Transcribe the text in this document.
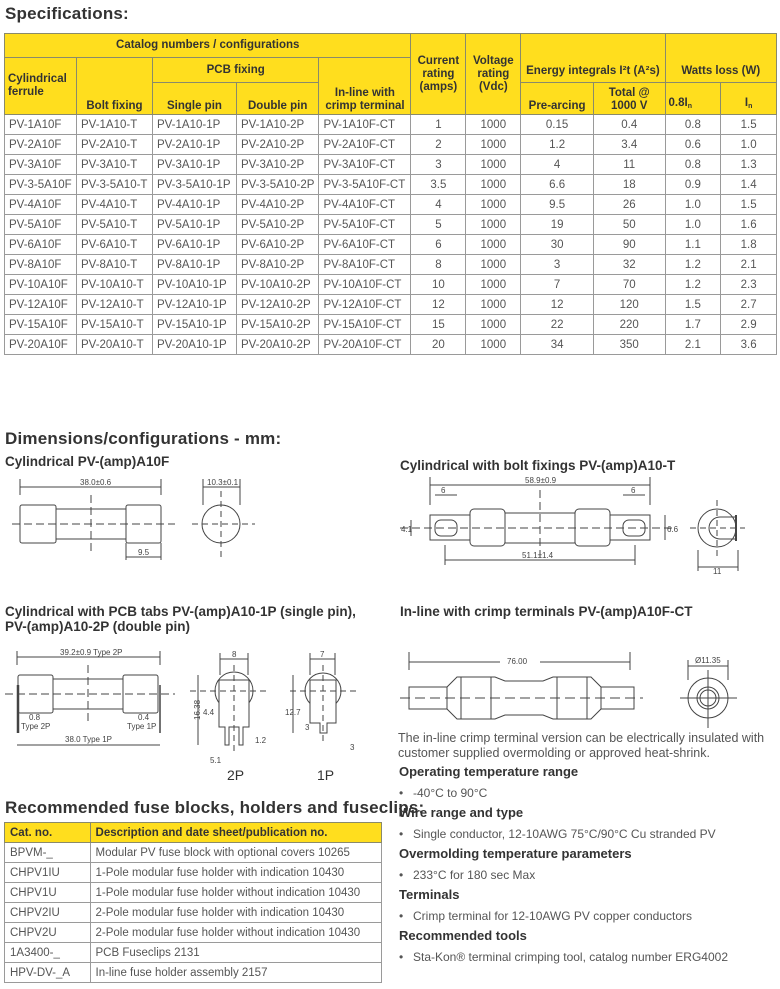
Specifications:
Catalog numbers / configurations					Current rating (amps)	Voltage rating (Vdc)	Energy integrals I²t (A²s)		Watts loss (W)	
Cylindrical ferrule	Bolt fixing	PCB fixing		In-line with crimp terminal						
		Single pin	Double pin				Pre-arcing	Total @ 1000 V	$0.8I_n$	$I_n$
PV-1A10F	PV-1A10-T	PV-1A10-1P	PV-1A10-2P	PV-1A10F-CT	1	1000	0.15	0.4	0.8	1.5
PV-2A10F	PV-2A10-T	PV-2A10-1P	PV-2A10-2P	PV-2A10F-CT	2	1000	1.2	3.4	0.6	1.0
PV-3A10F	PV-3A10-T	PV-3A10-1P	PV-3A10-2P	PV-3A10F-CT	3	1000	4	11	0.8	1.3
PV-3-5A10F	PV-3-5A10-T	PV-3-5A10-1P	PV-3-5A10-2P	PV-3-5A10F-CT	3.5	1000	6.6	18	0.9	1.4
PV-4A10F	PV-4A10-T	PV-4A10-1P	PV-4A10-2P	PV-4A10F-CT	4	1000	9.5	26	1.0	1.5
PV-5A10F	PV-5A10-T	PV-5A10-1P	PV-5A10-2P	PV-5A10F-CT	5	1000	19	50	1.0	1.6
PV-6A10F	PV-6A10-T	PV-6A10-1P	PV-6A10-2P	PV-6A10F-CT	6	1000	30	90	1.1	1.8
PV-8A10F	PV-8A10-T	PV-8A10-1P	PV-8A10-2P	PV-8A10F-CT	8	1000	3	32	1.2	2.1
PV-10A10F	PV-10A10-T	PV-10A10-1P	PV-10A10-2P	PV-10A10F-CT	10	1000	7	70	1.2	2.3
PV-12A10F	PV-12A10-T	PV-12A10-1P	PV-12A10-2P	PV-12A10F-CT	12	1000	12	120	1.5	2.7
PV-15A10F	PV-15A10-T	PV-15A10-1P	PV-15A10-2P	PV-15A10F-CT	15	1000	22	220	1.7	2.9
PV-20A10F	PV-20A10-T	PV-20A10-1P	PV-20A10-2P	PV-20A10F-CT	20	1000	34	350	2.1	3.6
Dimensions/configurations - mm:
Cylindrical PV-(amp)A10F
38.0±0.6
9.5
10.3±0.1
Cylindrical with bolt fixings PV-(amp)A10-T
58.9±0.9
6	6
4.1	6.6
51.1±1.4
11
Cylindrical with PCB tabs PV-(amp)A10-1P (single pin),
PV-(amp)A10-2P (double pin)
39.2±0.9 Type 2P
0.8
Type 2P
0.4
Type 1P
38.0 Type 1P
8
16.38 4.4
1.2
5.1
2P
7
12.7
3
3
1P
In-line with crimp terminals PV-(amp)A10F-CT
76.00	Ø11.35
The in-line crimp terminal version can be electrically insulated with customer supplied overmolding or approved heat-shrink.
Operating temperature range
• -40°C to 90°C
Wire range and type
• Single conductor, 12-10AWG 75°C/90°C Cu stranded PV
Overmolding temperature parameters
• 233°C for 180 sec Max
Terminals
• Crimp terminal for 12-10AWG PV copper conductors
Recommended tools
• Sta-Kon® terminal crimping tool, catalog number ERG4002
Recommended fuse blocks, holders and fuseclips:
Cat. no.	Description and date sheet/publication no.
BPVM-_	Modular PV fuse block with optional covers 10265
CHPV1IU	1-Pole modular fuse holder with indication 10430
CHPV1U	1-Pole modular fuse holder without indication 10430
CHPV2IU	2-Pole modular fuse holder with indication 10430
CHPV2U	2-Pole modular fuse holder without indication 10430
1A3400-_	PCB Fuseclips 2131
HPV-DV-_A	In-line fuse holder assembly 2157
